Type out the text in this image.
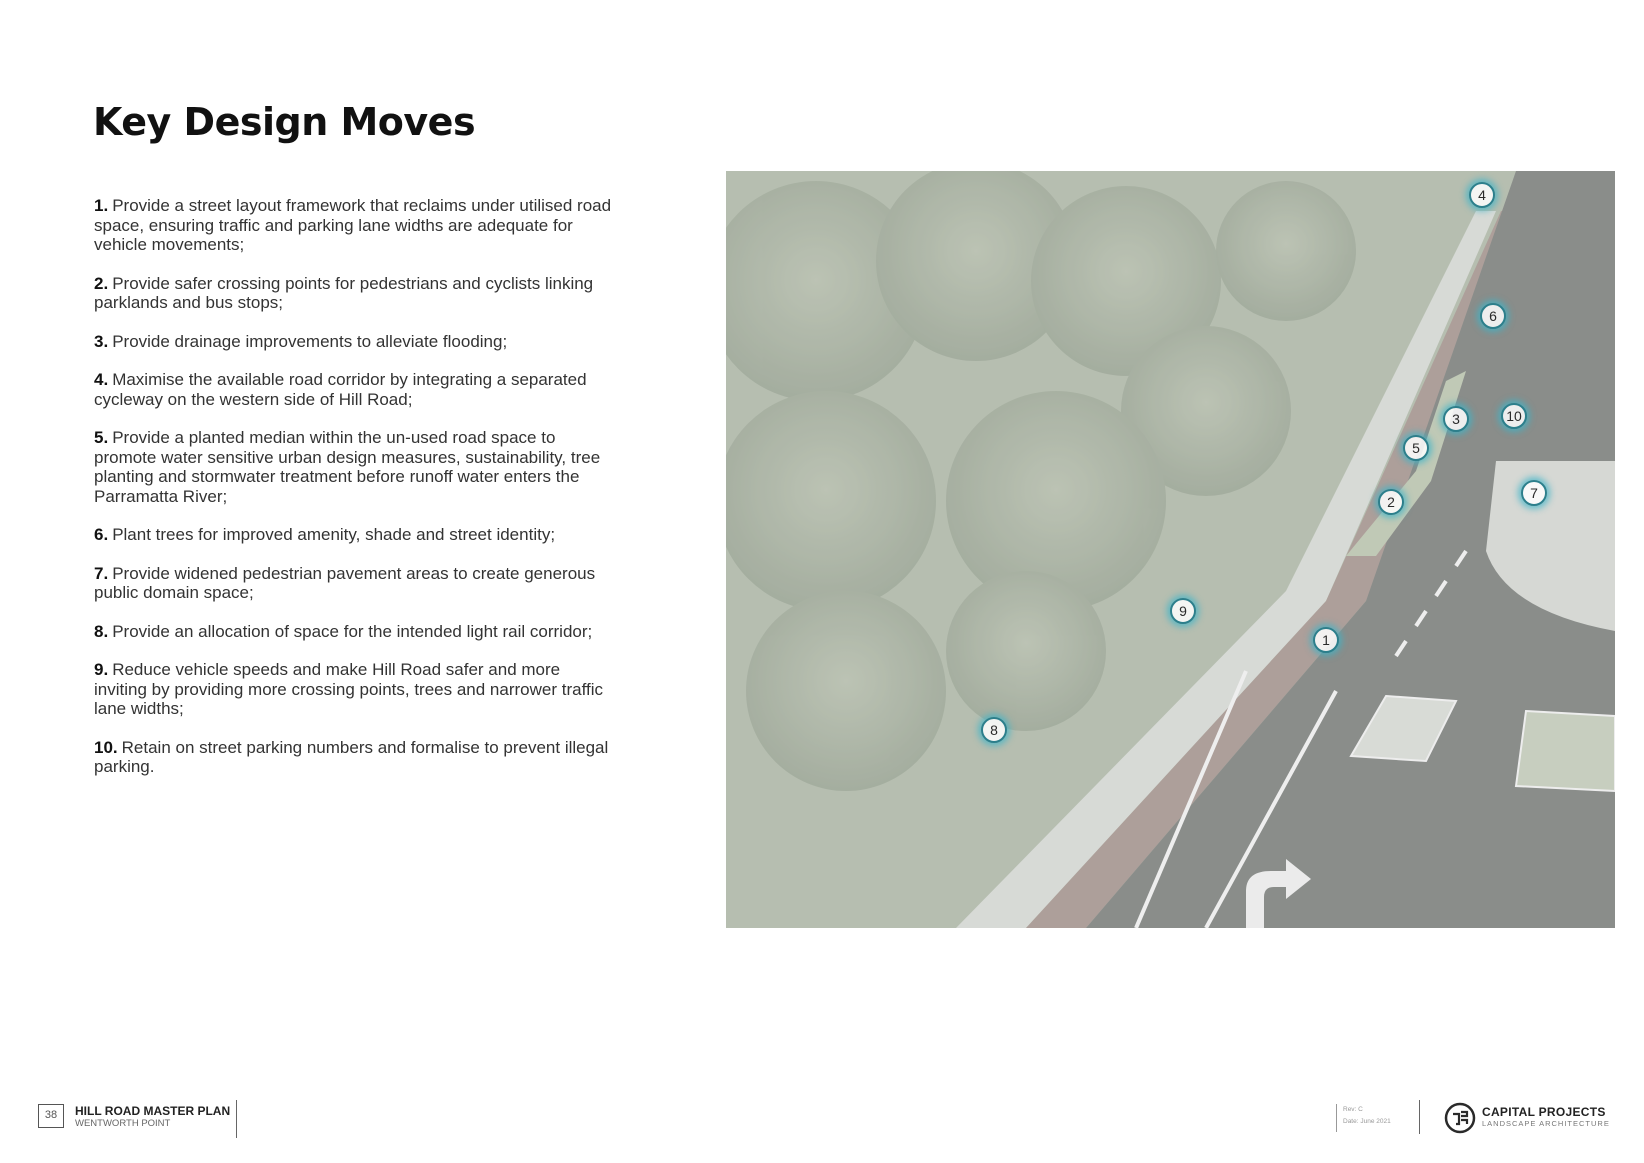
Key Design Moves
1. Provide a street layout framework that reclaims under utilised road space, ensuring traffic and parking lane widths are adequate for vehicle movements;
2. Provide safer crossing points for pedestrians and cyclists linking parklands and bus stops;
3. Provide drainage improvements to alleviate flooding;
4. Maximise the available road corridor by integrating a separated cycleway on the western side of Hill Road;
5. Provide a planted median within the un-used road space to promote water sensitive urban design measures, sustainability, tree planting and stormwater treatment before runoff water enters the Parramatta River;
6. Plant trees for improved amenity, shade and street identity;
7. Provide widened pedestrian pavement areas to create generous public domain space;
8. Provide an allocation of space for the intended light rail corridor;
9. Reduce vehicle speeds and make Hill Road safer and more inviting by providing more crossing points, trees and narrower traffic lane widths;
10. Retain on street parking numbers and formalise to prevent illegal parking.
4
6
3	10
5
7
2
9
1
8
38	HILL ROAD MASTER PLAN
WENTWORTH POINT
Rev: C
Date: June 2021
CAPITAL PROJECTS
LANDSCAPE ARCHITECTURE
